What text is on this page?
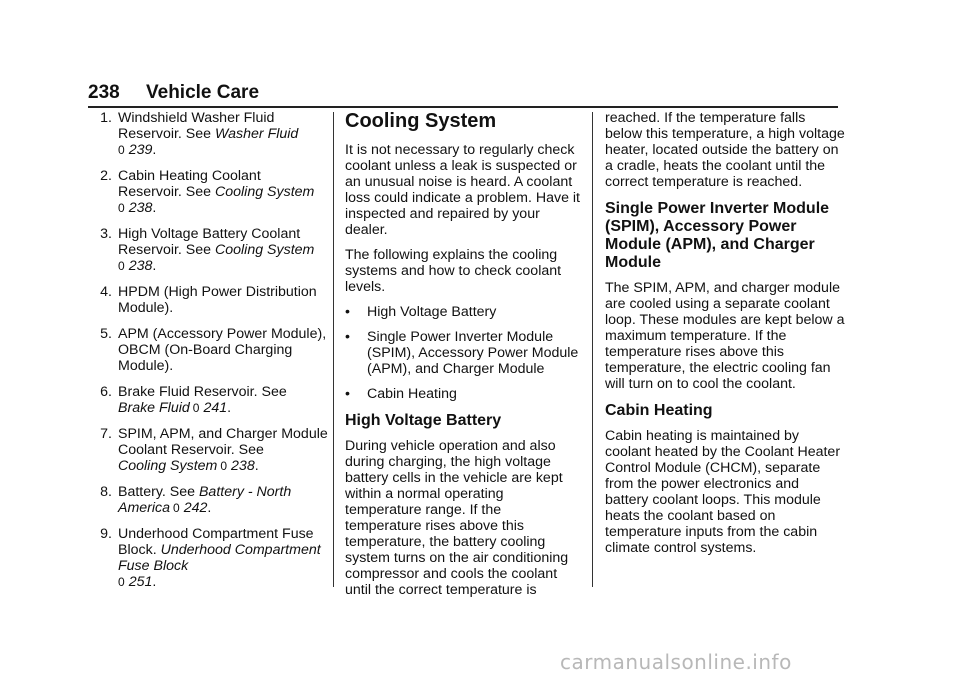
238 Vehicle Care
1. Windshield Washer Fluid Reservoir. See Washer Fluid
0 239.
2. Cabin Heating Coolant Reservoir. See Cooling System
0 238.
3. High Voltage Battery Coolant Reservoir. See Cooling System
0 238.
4. HPDM (High Power Distribution Module).
5. APM (Accessory Power Module), OBCM (On-Board Charging Module).
6. Brake Fluid Reservoir. See
Brake Fluid 0 241.
7. SPIM, APM, and Charger Module Coolant Reservoir. See
Cooling System 0 238.
8. Battery. See Battery - North America 0 242.
9. Underhood Compartment Fuse Block. Underhood Compartment Fuse Block
0 251.
Cooling System
It is not necessary to regularly check coolant unless a leak is suspected or an unusual noise is heard. A coolant loss could indicate a problem. Have it inspected and repaired by your dealer.
The following explains the cooling systems and how to check coolant levels.
• High Voltage Battery
• Single Power Inverter Module (SPIM), Accessory Power Module (APM), and Charger Module
• Cabin Heating
High Voltage Battery
During vehicle operation and also during charging, the high voltage battery cells in the vehicle are kept within a normal operating temperature range. If the temperature rises above this temperature, the battery cooling system turns on the air conditioning compressor and cools the coolant until the correct temperature is
reached. If the temperature falls below this temperature, a high voltage heater, located outside the battery on a cradle, heats the coolant until the correct temperature is reached.
Single Power Inverter Module (SPIM), Accessory Power Module (APM), and Charger Module
The SPIM, APM, and charger module are cooled using a separate coolant loop. These modules are kept below a maximum temperature. If the temperature rises above this temperature, the electric cooling fan will turn on to cool the coolant.
Cabin Heating
Cabin heating is maintained by coolant heated by the Coolant Heater Control Module (CHCM), separate from the power electronics and battery coolant loops. This module heats the coolant based on temperature inputs from the cabin climate control systems.
carmanualsonline.info
